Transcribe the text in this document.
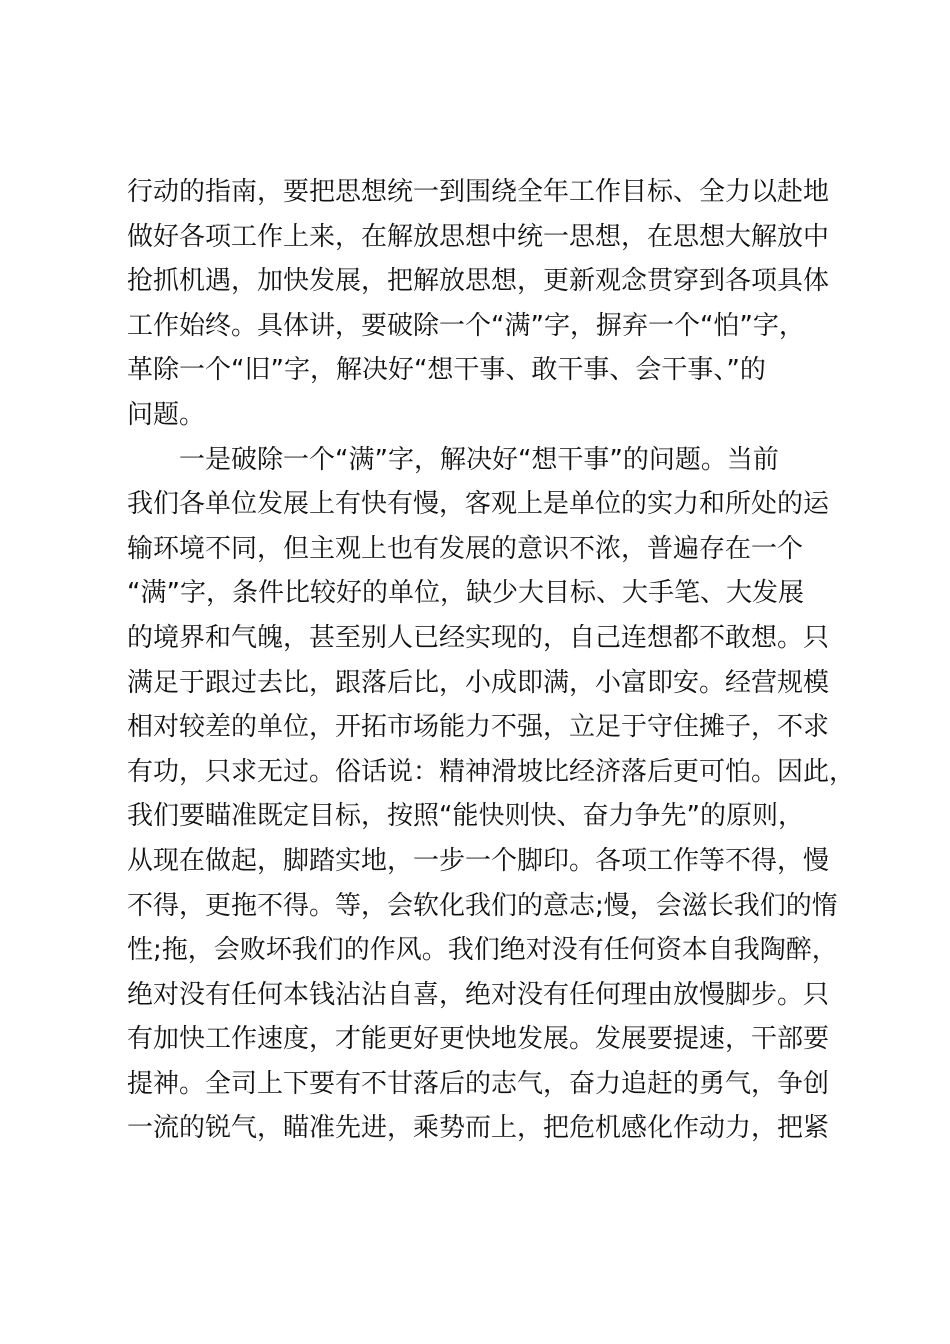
行动的指南，要把思想统一到围绕全年工作目标、全力以赴地
做好各项工作上来，在解放思想中统一思想，在思想大解放中
抢抓机遇，加快发展，把解放思想，更新观念贯穿到各项具体
工作始终。具体讲，要破除一个“满”字，摒弃一个“怕”字，
革除一个“旧”字，解决好“想干事、敢干事、会干事、”的
问题。
一是破除一个“满”字，解决好“想干事”的问题。当前
我们各单位发展上有快有慢，客观上是单位的实力和所处的运
输环境不同，但主观上也有发展的意识不浓，普遍存在一个
“满”字，条件比较好的单位，缺少大目标、大手笔、大发展
的境界和气魄，甚至别人已经实现的，自己连想都不敢想。只
满足于跟过去比，跟落后比，小成即满，小富即安。经营规模
相对较差的单位，开拓市场能力不强，立足于守住摊子，不求
有功，只求无过。俗话说：精神滑坡比经济落后更可怕。因此，
我们要瞄准既定目标，按照“能快则快、奋力争先”的原则，
从现在做起，脚踏实地，一步一个脚印。各项工作等不得，慢
不得，更拖不得。等，会软化我们的意志;慢，会滋长我们的惰
性;拖，会败坏我们的作风。我们绝对没有任何资本自我陶醉，
绝对没有任何本钱沾沾自喜，绝对没有任何理由放慢脚步。只
有加快工作速度，才能更好更快地发展。发展要提速，干部要
提神。全司上下要有不甘落后的志气，奋力追赶的勇气，争创
一流的锐气，瞄准先进，乘势而上，把危机感化作动力，把紧
